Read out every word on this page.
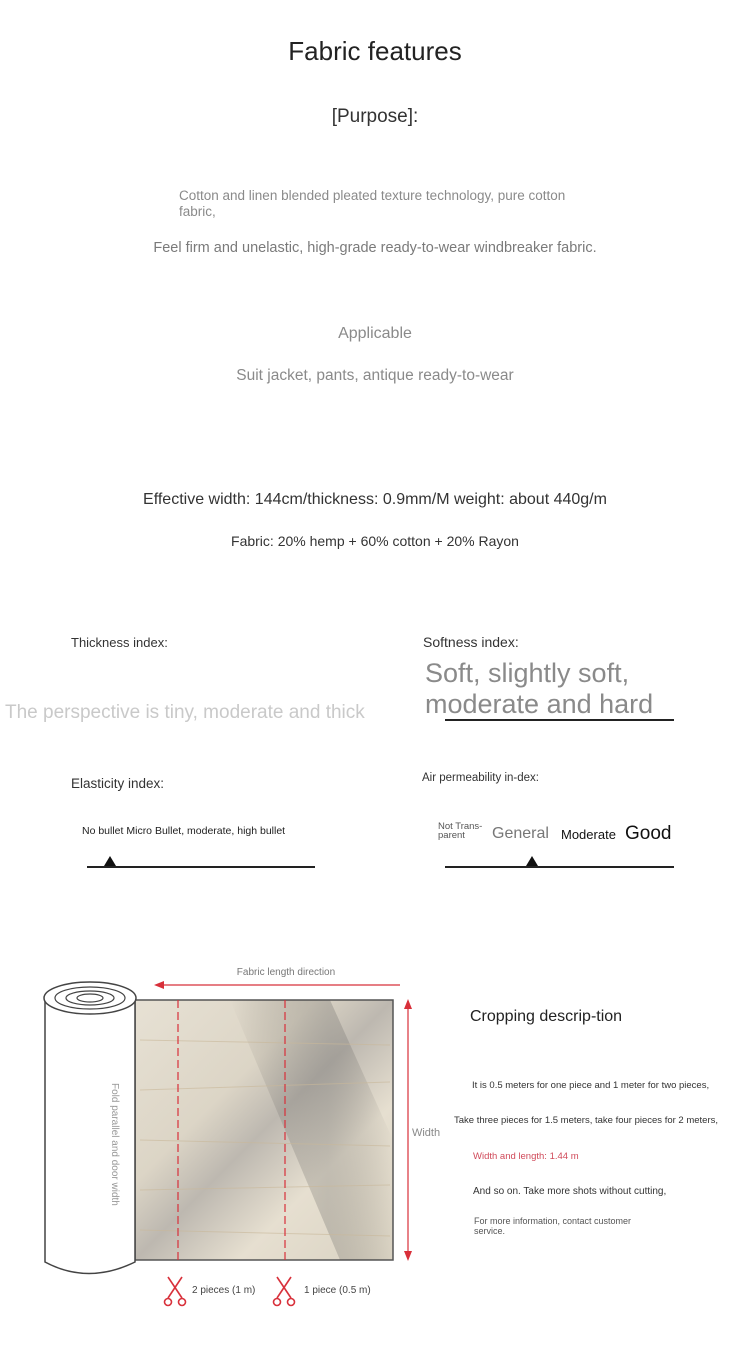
Fabric features
[Purpose]:
Cotton and linen blended pleated texture technology, pure cotton fabric,
Feel firm and unelastic, high-grade ready-to-wear windbreaker fabric.
Applicable
Suit jacket, pants, antique ready-to-wear
Effective width: 144cm/thickness: 0.9mm/M weight: about 440g/m
Fabric: 20% hemp + 60% cotton + 20% Rayon
Thickness index:
The perspective is tiny, moderate and thick
Softness index:
Soft, slightly soft, moderate and hard
Elasticity index:
No bullet Micro Bullet, moderate, high bullet
Air permeability in-dex:
Not Trans-parent	General Moderate Good
Fabric length direction
Width
Fold parallel and door width
2 pieces (1 m)	1 piece (0.5 m)
Cropping descrip-tion
It is 0.5 meters for one piece and 1 meter for two pieces,
Take three pieces for 1.5 meters, take four pieces for 2 meters,
Width and length: 1.44 m
And so on. Take more shots without cutting,
For more information, contact customer service.
